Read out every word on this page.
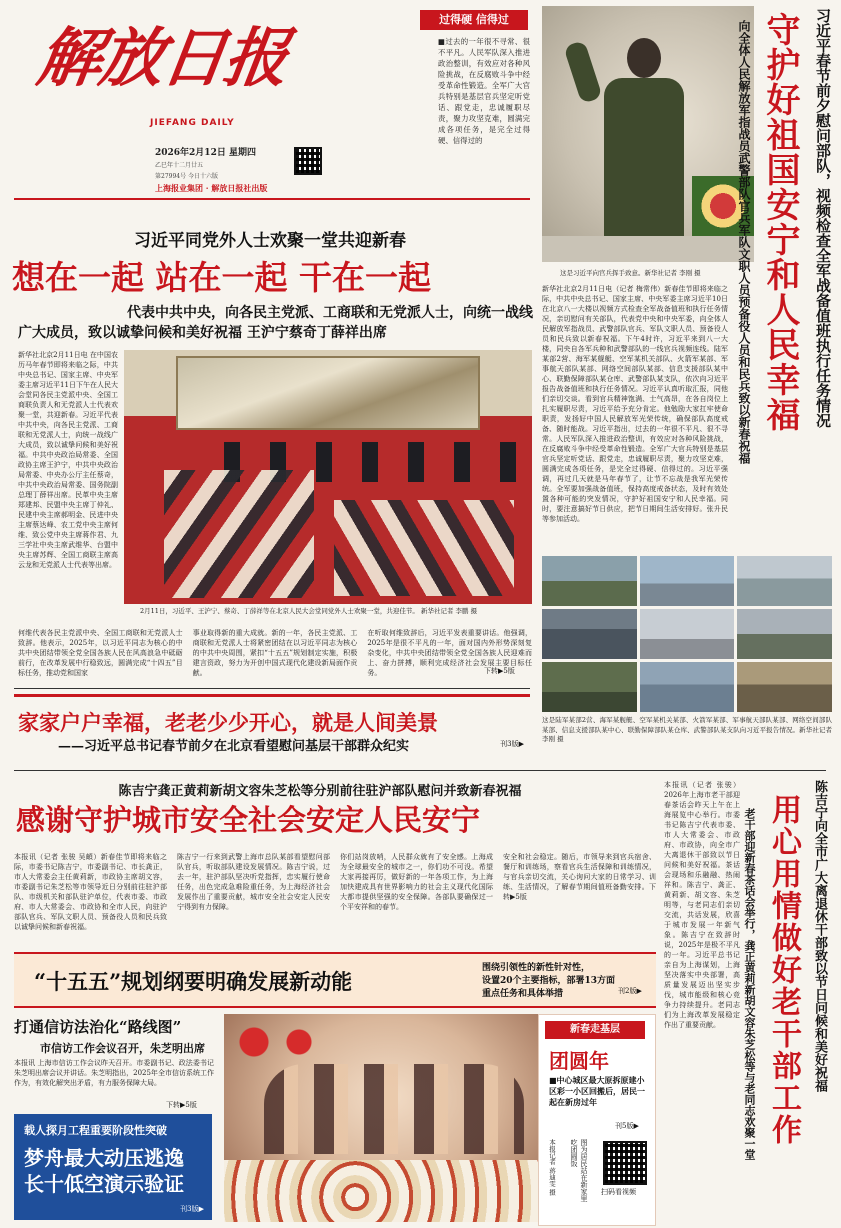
解放日报
JIEFANG DAILY
2026年2月12日 星期四
乙巳年十二月廿五
第27994号 今日十六版
上海报业集团 · 解放日报社出版
过得硬 信得过
■过去的一年很不寻常、很不平凡。人民军队深入推进政治整训，有效应对各种风险挑战，在反腐败斗争中经受革命性锻造。全军广大官兵特别是基层官兵坚定听党话、跟党走，忠诚履职尽责，聚力攻坚克难，圆满完成各项任务，是完全过得硬、信得过的
习近平同党外人士欢聚一堂共迎新春
想在一起 站在一起 干在一起
代表中共中央，向各民主党派、工商联和无党派人士，向统一战线
广大成员，致以诚挚问候和美好祝福 王沪宁蔡奇丁薛祥出席
新华社北京2月11日电 在中国农历马年春节即将来临之际，中共中央总书记、国家主席、中央军委主席习近平11日下午在人民大会堂同各民主党派中央、全国工商联负责人和无党派人士代表欢聚一堂，共迎新春。习近平代表中共中央，向各民主党派、工商联和无党派人士，向统一战线广大成员，致以诚挚问候和美好祝福。中共中央政治局常委、全国政协主席王沪宁，中共中央政治局常委、中央办公厅主任蔡奇，中共中央政治局常委、国务院副总理丁薛祥出席。民革中央主席郑建邦、民盟中央主席丁仲礼、民建中央主席郝明金、民进中央主席蔡达峰、农工党中央主席何维、致公党中央主席蒋作君、九三学社中央主席武维华、台盟中央主席苏辉、全国工商联主席高云龙和无党派人士代表等出席。
2月11日，习近平、王沪宁、蔡奇、丁薛祥等在北京人民大会堂同党外人士欢聚一堂，共迎佳节。 新华社记者 李鹏 摄
何维代表各民主党派中央、全国工商联和无党派人士致辞。他表示，2025年，以习近平同志为核心的中共中央团结带领全党全国各族人民在风高浪急中砥砺前行，在改革发展中行稳致远，圆满完成“十四五”目标任务，推动党和国家
事业取得新的重大成就。新的一年，各民主党派、工商联和无党派人士将紧密团结在以习近平同志为核心的中共中央周围，紧扣“十五五”规划制定实施，积极建言资政，努力为开创中国式现代化建设新局面作贡献。
在听取何维致辞后，习近平发表重要讲话。他强调，2025年是很不平凡的一年，面对国内外形势深刻复杂变化，中共中央团结带领全党全国各族人民迎难而上、奋力拼搏，顺利完成经济社会发展主要目标任务。	下转▶5版
家家户户幸福，老老少少开心，就是人间美景
——习近平总书记春节前夕在北京看望慰问基层干部群众纪实	刊3版▶
这是习近平向官兵挥手致意。新华社记者 李刚 摄	习近平春节前夕慰问部队，视频检查全军战备值班执行任务情况
守护好祖国安宁和人民幸福
向全体人民解放军指战员武警部队官兵军队文职人员预备役人员和民兵致以新春祝福
新华社北京2月11日电（记者 梅常伟）新春佳节即将来临之际，中共中央总书记、国家主席、中央军委主席习近平10日在北京八一大楼以视频方式检查全军战备值班和执行任务情况，亲切慰问有关部队，代表党中央和中央军委，向全体人民解放军指战员、武警部队官兵、军队文职人员、预备役人员和民兵致以新春祝福。下午4时许，习近平来到八一大楼，同央自各军兵种和武警部队的一线官兵视频连线。陆军某部2营、海军某舰艇、空军某机关部队、火箭军某部、军事航天部队某部、网络空间部队某部、信息支援部队某中心、联勤保障部队某仓库、武警部队某支队，依次向习近平报告战备值班和执行任务情况。习近平认真听取汇报，同他们亲切交谈。看到官兵精神饱满、士气高昂，在各自岗位上扎实履职尽责，习近平给予充分肯定。他勉励大家扛牢使命职责，发扬好中国人民解放军光荣传统，确保部队高度戒备、随时能战。习近平指出，过去的一年很不平凡、很不寻常。人民军队深入推进政治整训，有效应对各种风险挑战，在反腐败斗争中经受革命性锻造。全军广大官兵特别是基层官兵坚定听党话、跟党走，忠诚履职尽责，聚力攻坚克难，圆满完成各项任务，是完全过得硬、信得过的。习近平强调，再过几天就是马年春节了，让节不忘战是我军光荣传统。全军要加强战备值班，保持高度戒备状态，及时有效处置各种可能的突发情况，守护好祖国安宁和人民幸福。同时，要注意搞好节日供应，把节日期间生活安排好。张升民等参加活动。
这是陆军某部2营、海军某舰艇、空军某机关某部、火箭军某部、军事航天部队某部、网络空间部队某部、信息支援部队某中心、联勤保障部队某仓库、武警部队某支队向习近平报告情况。新华社记者 李刚 摄
陈吉宁龚正黄莉新胡文容朱芝松等分别前往驻沪部队慰问并致新春祝福
感谢守护城市安全社会安定人民安宁
本报讯（记者 张骏 吴頔）新春佳节即将来临之际，市委书记陈吉宁，市委副书记、市长龚正，市人大常委会主任黄莉新，市政协主席胡文容，市委副书记朱芝松等市领导近日分别前往驻沪部队、市级机关和部队驻沪单位，代表市委、市政府、市人大常委会、市政协和全市人民，向驻沪部队官兵、军队文职人员、预备役人员和民兵致以诚挚问候和新春祝福。
陈吉宁一行来到武警上海市总队某部看望慰问部队官兵，听取部队建设发展情况。陈吉宁说，过去一年，驻沪部队坚决听党指挥，忠实履行使命任务，出色完成急难险重任务，为上海经济社会发展作出了重要贡献，城市安全社会安定人民安宁得到有力保障。
你们站岗放哨，人民群众就有了安全感。上海成为全球最安全的城市之一，你们功不可没。希望大家再接再厉，做好新的一年各项工作，为上海加快建成具有世界影响力的社会主义现代化国际大都市提供坚强的安全保障。各部队要确保过一个平安祥和的春节。
安全和社会稳定。随后，市领导来到官兵宿舍、餐厅和训练场，察看官兵生活保障和训练情况，与官兵亲切交流，关心询问大家的日常学习、训练、生活情况，了解春节期间值班备勤安排。下转▶5版
“十五五”规划纲要明确发展新动能
围绕引领性的新性针对性，
设置20个主要指标，部署13方面
重点任务和具体举措	刊2版▶
打通信访法治化“路线图”
市信访工作会议召开，朱芝明出席
本报讯 上海市信访工作会议昨天召开。市委副书记、政法委书记朱芝明出席会议并讲话。朱芝明指出，2025年全市信访系统工作作为，有效化解突出矛盾，有力服务保障大局。
下转▶5版
载人探月工程重要阶段性突破
梦舟最大动压逃逸
长十低空演示验证
刊3版▶
新春走基层
团圆年
■中心城区最大原拆原建小区彩一小区回搬后，居民一起在新房过年
刊5版▶
图为居民站在新家里吃团圆饭
本报记者 蒋迪雯 摄	扫码看视频
本报讯（记者 张骏）2026年上海市老干部迎春茶话会昨天上午在上海展览中心举行。市委书记陈吉宁代表市委、市人大常委会、市政府、市政协，向全市广大离退休干部致以节日问候和美好祝福。茶话会现场和乐融融、热闹祥和。陈吉宁、龚正、黄莉新、胡文容、朱芝明等，与老同志们亲切交流，共话发展，欣喜于城市发展一年新气象。陈吉宁在致辞时说，2025年是极不平凡的一年。习近平总书记亲自为上海谋划，上海坚决落实中央部署，高质量发展迈出坚实步伐，城市能级和核心竞争力持续提升。老同志们为上海改革发展稳定作出了重要贡献。	老干部迎新春茶话会举行，龚正黄莉新胡文容朱芝松等与老同志欢聚一堂 用心用情做好老干部工作 陈吉宁向全市广大离退休干部致以节日问候和美好祝福
